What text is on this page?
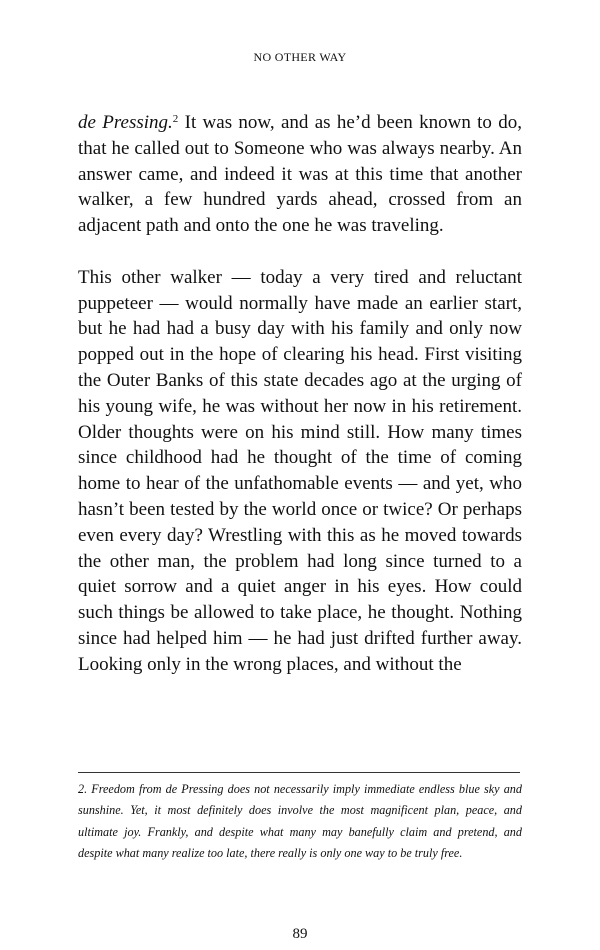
NO OTHER WAY

de Pressing.$^2$ It was now, and as he’d been known to do, that he called out to Someone who was always nearby. An answer came, and indeed it was at this time that another walker, a few hundred yards ahead, crossed from an adjacent path and onto the one he was traveling.

This other walker — today a very tired and reluctant puppeteer — would normally have made an earlier start, but he had had a busy day with his family and only now popped out in the hope of clearing his head. First visiting the Outer Banks of this state decades ago at the urging of his young wife, he was without her now in his retirement. Older thoughts were on his mind still. How many times since childhood had he thought of the time of coming home to hear of the unfathomable events — and yet, who hasn’t been tested by the world once or twice? Or perhaps even every day? Wrestling with this as he moved towards the other man, the problem had long since turned to a quiet sorrow and a quiet anger in his eyes. How could such things be allowed to take place, he thought. Nothing since had helped him — he had just drifted further away. Looking only in the wrong places, and without the

2. Freedom from de Pressing does not necessarily imply immediate endless blue sky and sunshine. Yet, it most definitely does involve the most magnificent plan, peace, and ultimate joy. Frankly, and despite what many may banefully claim and pretend, and despite what many realize too late, there really is only one way to be truly free.
89
